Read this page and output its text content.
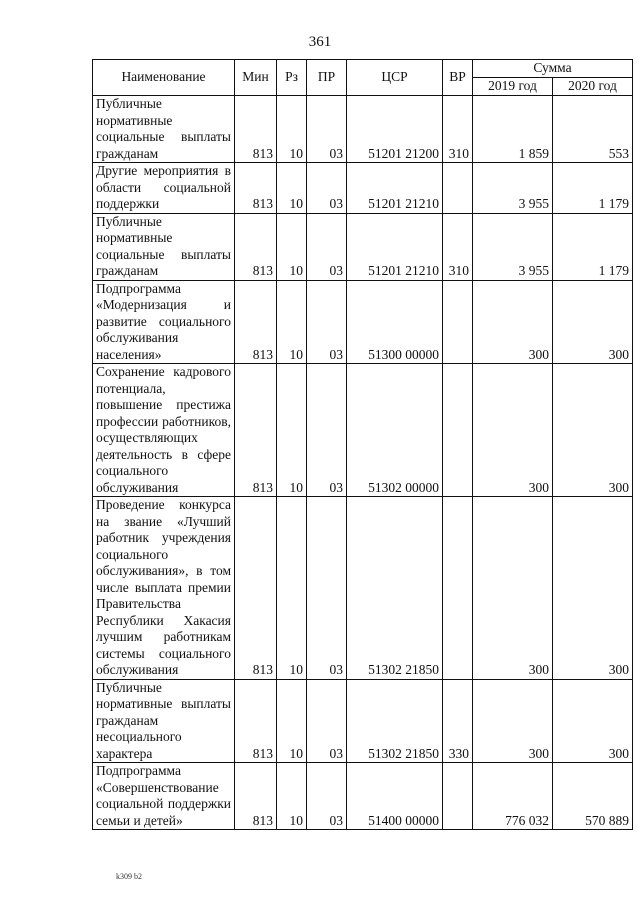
361
Наименование	Мин	Рз	ПР	ЦСР	ВР	Сумма	
						2019 год	2020 год
Публичные нормативные социальные выплаты гражданам	813	10	03	51201 21200	310	1 859	553
Другие мероприятия в области социальной поддержки	813	10	03	51201 21210		3 955	1 179
Публичные нормативные социальные выплаты гражданам	813	10	03	51201 21210	310	3 955	1 179
Подпрограмма «Модернизация и развитие социального обслуживания населения»	813	10	03	51300 00000		300	300
Сохранение кадрового потенциала, повышение престижа профессии работников, осуществляющих деятельность в сфере социального обслуживания	813	10	03	51302 00000		300	300
Проведение конкурса на звание «Лучший работник учреждения социального обслуживания», в том числе выплата премии Правительства Республики Хакасия лучшим работникам системы социального обслуживания	813	10	03	51302 21850		300	300
Публичные нормативные выплаты гражданам несоциального характера	813	10	03	51302 21850	330	300	300
Подпрограмма «Совершенствование социальной поддержки семьи и детей»	813	10	03	51400 00000		776 032	570 889
k309 b2
